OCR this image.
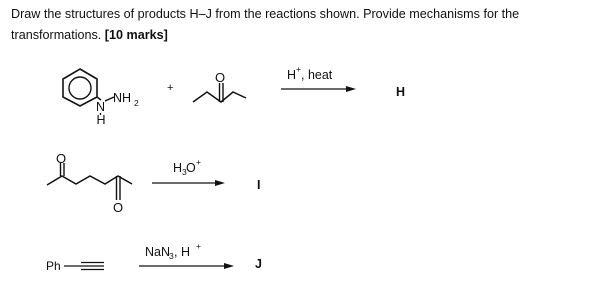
Draw the structures of products H–J from the reactions shown. Provide mechanisms for the transformations. [10 marks]
N
H
NH 2
+
O	H + , heat
H
O
O
H 3 O +
I
Ph
NaN
3 , H +
J
